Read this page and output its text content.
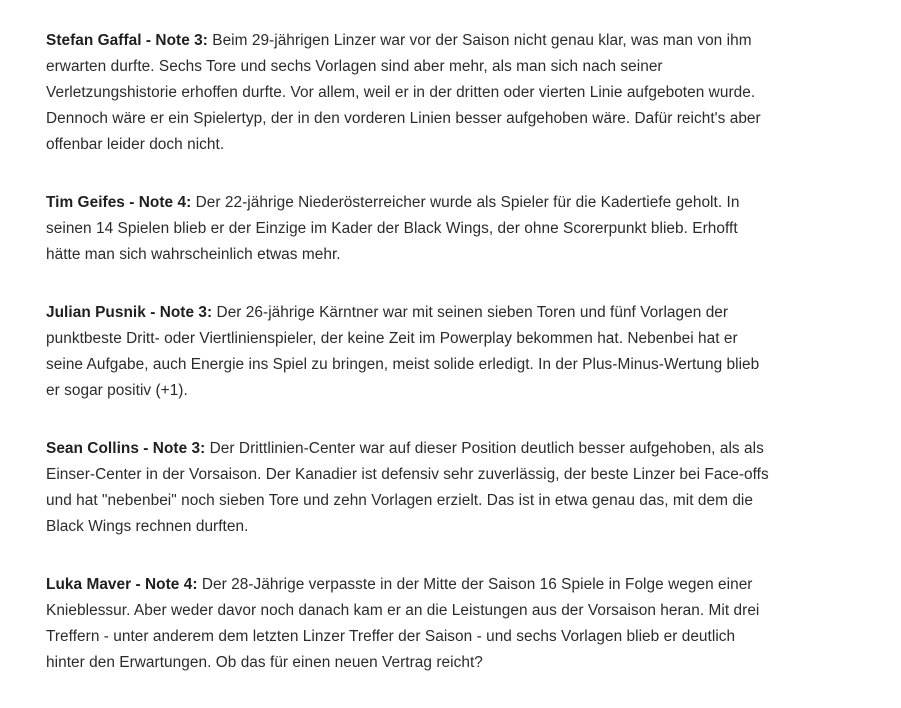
Stefan Gaffal - Note 3: Beim 29-jährigen Linzer war vor der Saison nicht genau klar, was man von ihm erwarten durfte. Sechs Tore und sechs Vorlagen sind aber mehr, als man sich nach seiner Verletzungshistorie erhoffen durfte. Vor allem, weil er in der dritten oder vierten Linie aufgeboten wurde. Dennoch wäre er ein Spielertyp, der in den vorderen Linien besser aufgehoben wäre. Dafür reicht's aber offenbar leider doch nicht.

Tim Geifes - Note 4: Der 22-jährige Niederösterreicher wurde als Spieler für die Kadertiefe geholt. In seinen 14 Spielen blieb er der Einzige im Kader der Black Wings, der ohne Scorerpunkt blieb. Erhofft hätte man sich wahrscheinlich etwas mehr.

Julian Pusnik - Note 3: Der 26-jährige Kärntner war mit seinen sieben Toren und fünf Vorlagen der punktbeste Dritt- oder Viertlinienspieler, der keine Zeit im Powerplay bekommen hat. Nebenbei hat er seine Aufgabe, auch Energie ins Spiel zu bringen, meist solide erledigt. In der Plus-Minus-Wertung blieb er sogar positiv (+1).

Sean Collins - Note 3: Der Drittlinien-Center war auf dieser Position deutlich besser aufgehoben, als als Einser-Center in der Vorsaison. Der Kanadier ist defensiv sehr zuverlässig, der beste Linzer bei Face-offs und hat "nebenbei" noch sieben Tore und zehn Vorlagen erzielt. Das ist in etwa genau das, mit dem die Black Wings rechnen durften.

Luka Maver - Note 4: Der 28-Jährige verpasste in der Mitte der Saison 16 Spiele in Folge wegen einer Knieblessur. Aber weder davor noch danach kam er an die Leistungen aus der Vorsaison heran. Mit drei Treffern - unter anderem dem letzten Linzer Treffer der Saison - und sechs Vorlagen blieb er deutlich hinter den Erwartungen. Ob das für einen neuen Vertrag reicht?
